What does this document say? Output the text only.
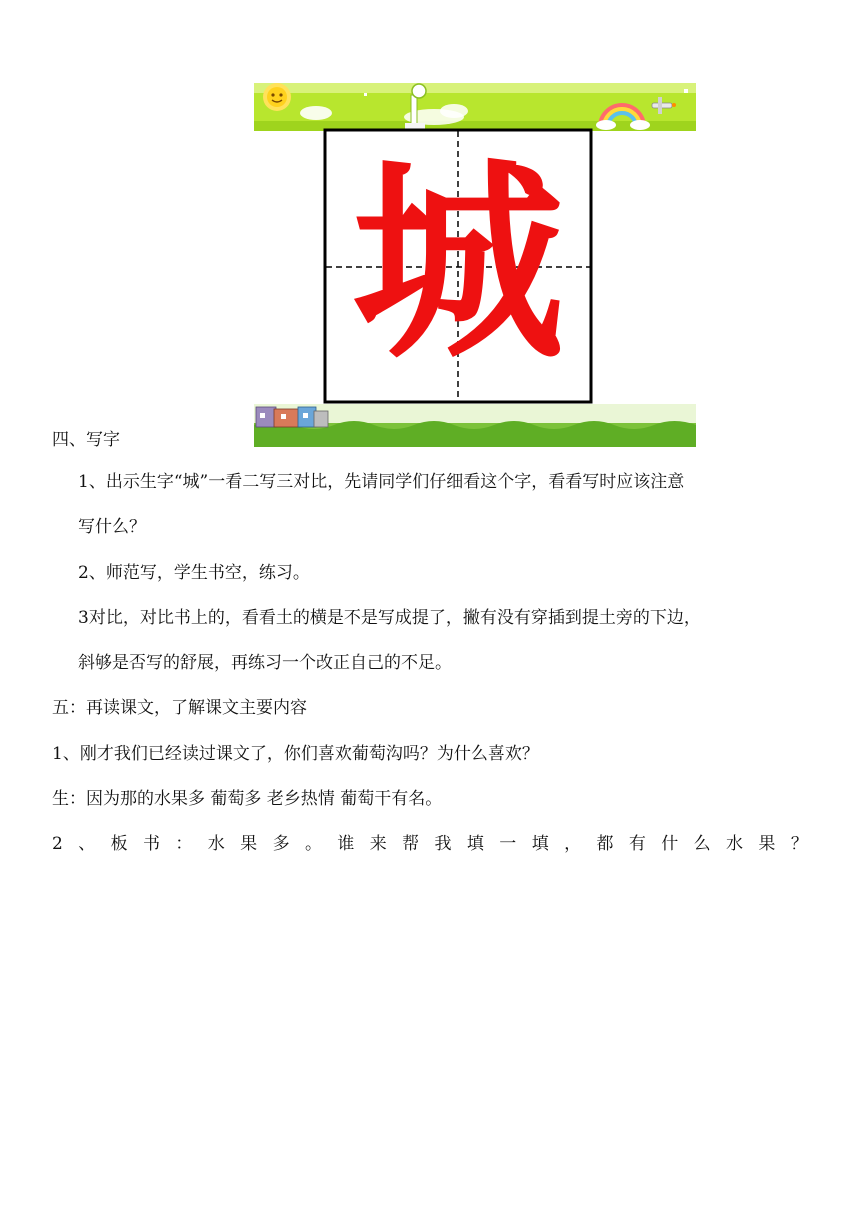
城
四、写字
1、出示生字“城”一看二写三对比，先请同学们仔细看这个字，看看写时应该注意
写什么？
2、师范写，学生书空，练习。
3对比，对比书上的，看看土的横是不是写成提了，撇有没有穿插到提土旁的下边，
斜够是否写的舒展，再练习一个改正自己的不足。
五：再读课文，了解课文主要内容
1、刚才我们已经读过课文了，你们喜欢葡萄沟吗？为什么喜欢？
生：因为那的水果多 葡萄多 老乡热情 葡萄干有名。
2 、 板 书 ： 水 果 多 。 谁 来 帮 我 填 一 填 ， 都 有 什 么 水 果 ？
